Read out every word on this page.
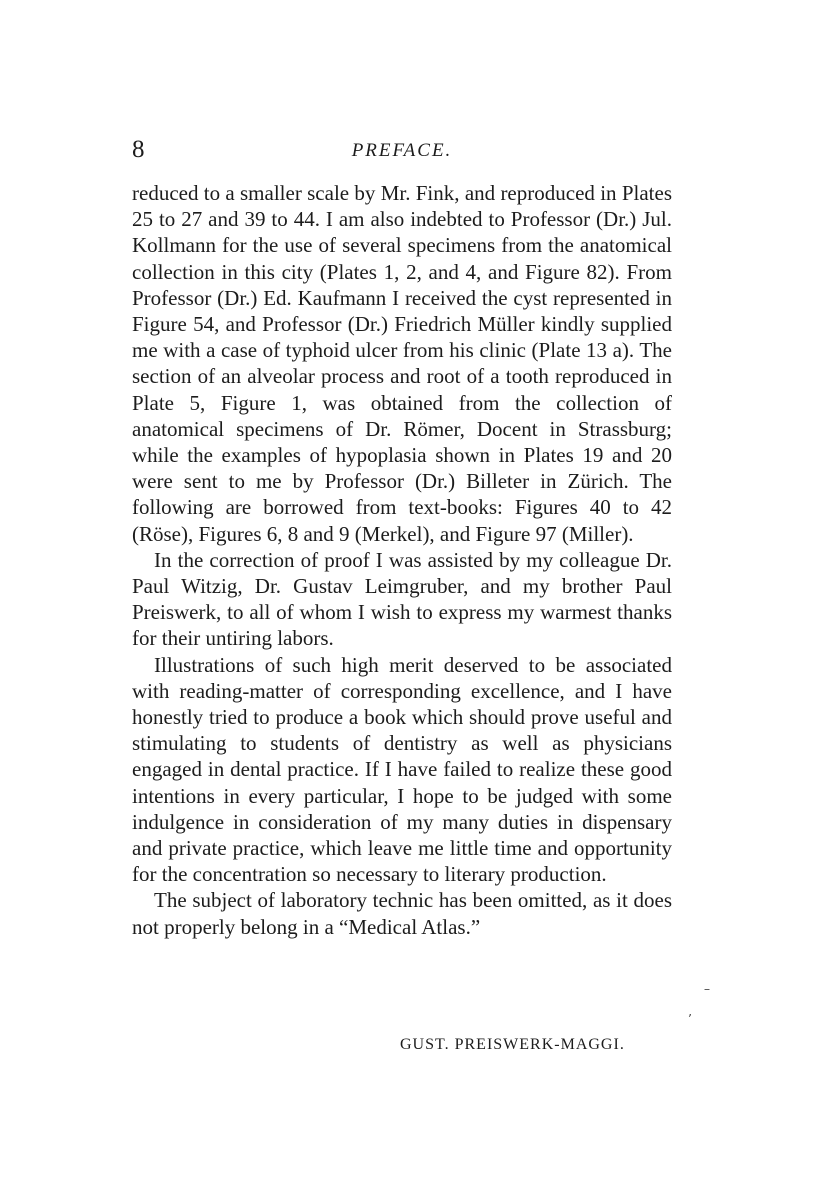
8	PREFACE.

reduced to a smaller scale by Mr. Fink, and reproduced in Plates 25 to 27 and 39 to 44. I am also indebted to Professor (Dr.) Jul. Kollmann for the use of several specimens from the anatomical collection in this city (Plates 1, 2, and 4, and Figure 82). From Professor (Dr.) Ed. Kaufmann I received the cyst represented in Figure 54, and Professor (Dr.) Friedrich Müller kindly supplied me with a case of typhoid ulcer from his clinic (Plate 13 a). The section of an alveolar process and root of a tooth reproduced in Plate 5, Figure 1, was obtained from the collection of anatomical specimens of Dr. Römer, Docent in Strassburg; while the examples of hypoplasia shown in Plates 19 and 20 were sent to me by Professor (Dr.) Billeter in Zürich. The following are borrowed from text-books: Figures 40 to 42 (Röse), Figures 6, 8 and 9 (Merkel), and Figure 97 (Miller).

In the correction of proof I was assisted by my colleague Dr. Paul Witzig, Dr. Gustav Leimgruber, and my brother Paul Preiswerk, to all of whom I wish to express my warmest thanks for their untiring labors.

Illustrations of such high merit deserved to be associated with reading-matter of corresponding excellence, and I have honestly tried to produce a book which should prove useful and stimulating to students of dentistry as well as physicians engaged in dental practice. If I have failed to realize these good intentions in every particular, I hope to be judged with some indulgence in consideration of my many duties in dispensary and private practice, which leave me little time and opportunity for the concentration so necessary to literary production.

The subject of laboratory technic has been omitted, as it does not properly belong in a “Medical Atlas.”

GUST. PREISWERK-MAGGI.
–
’
